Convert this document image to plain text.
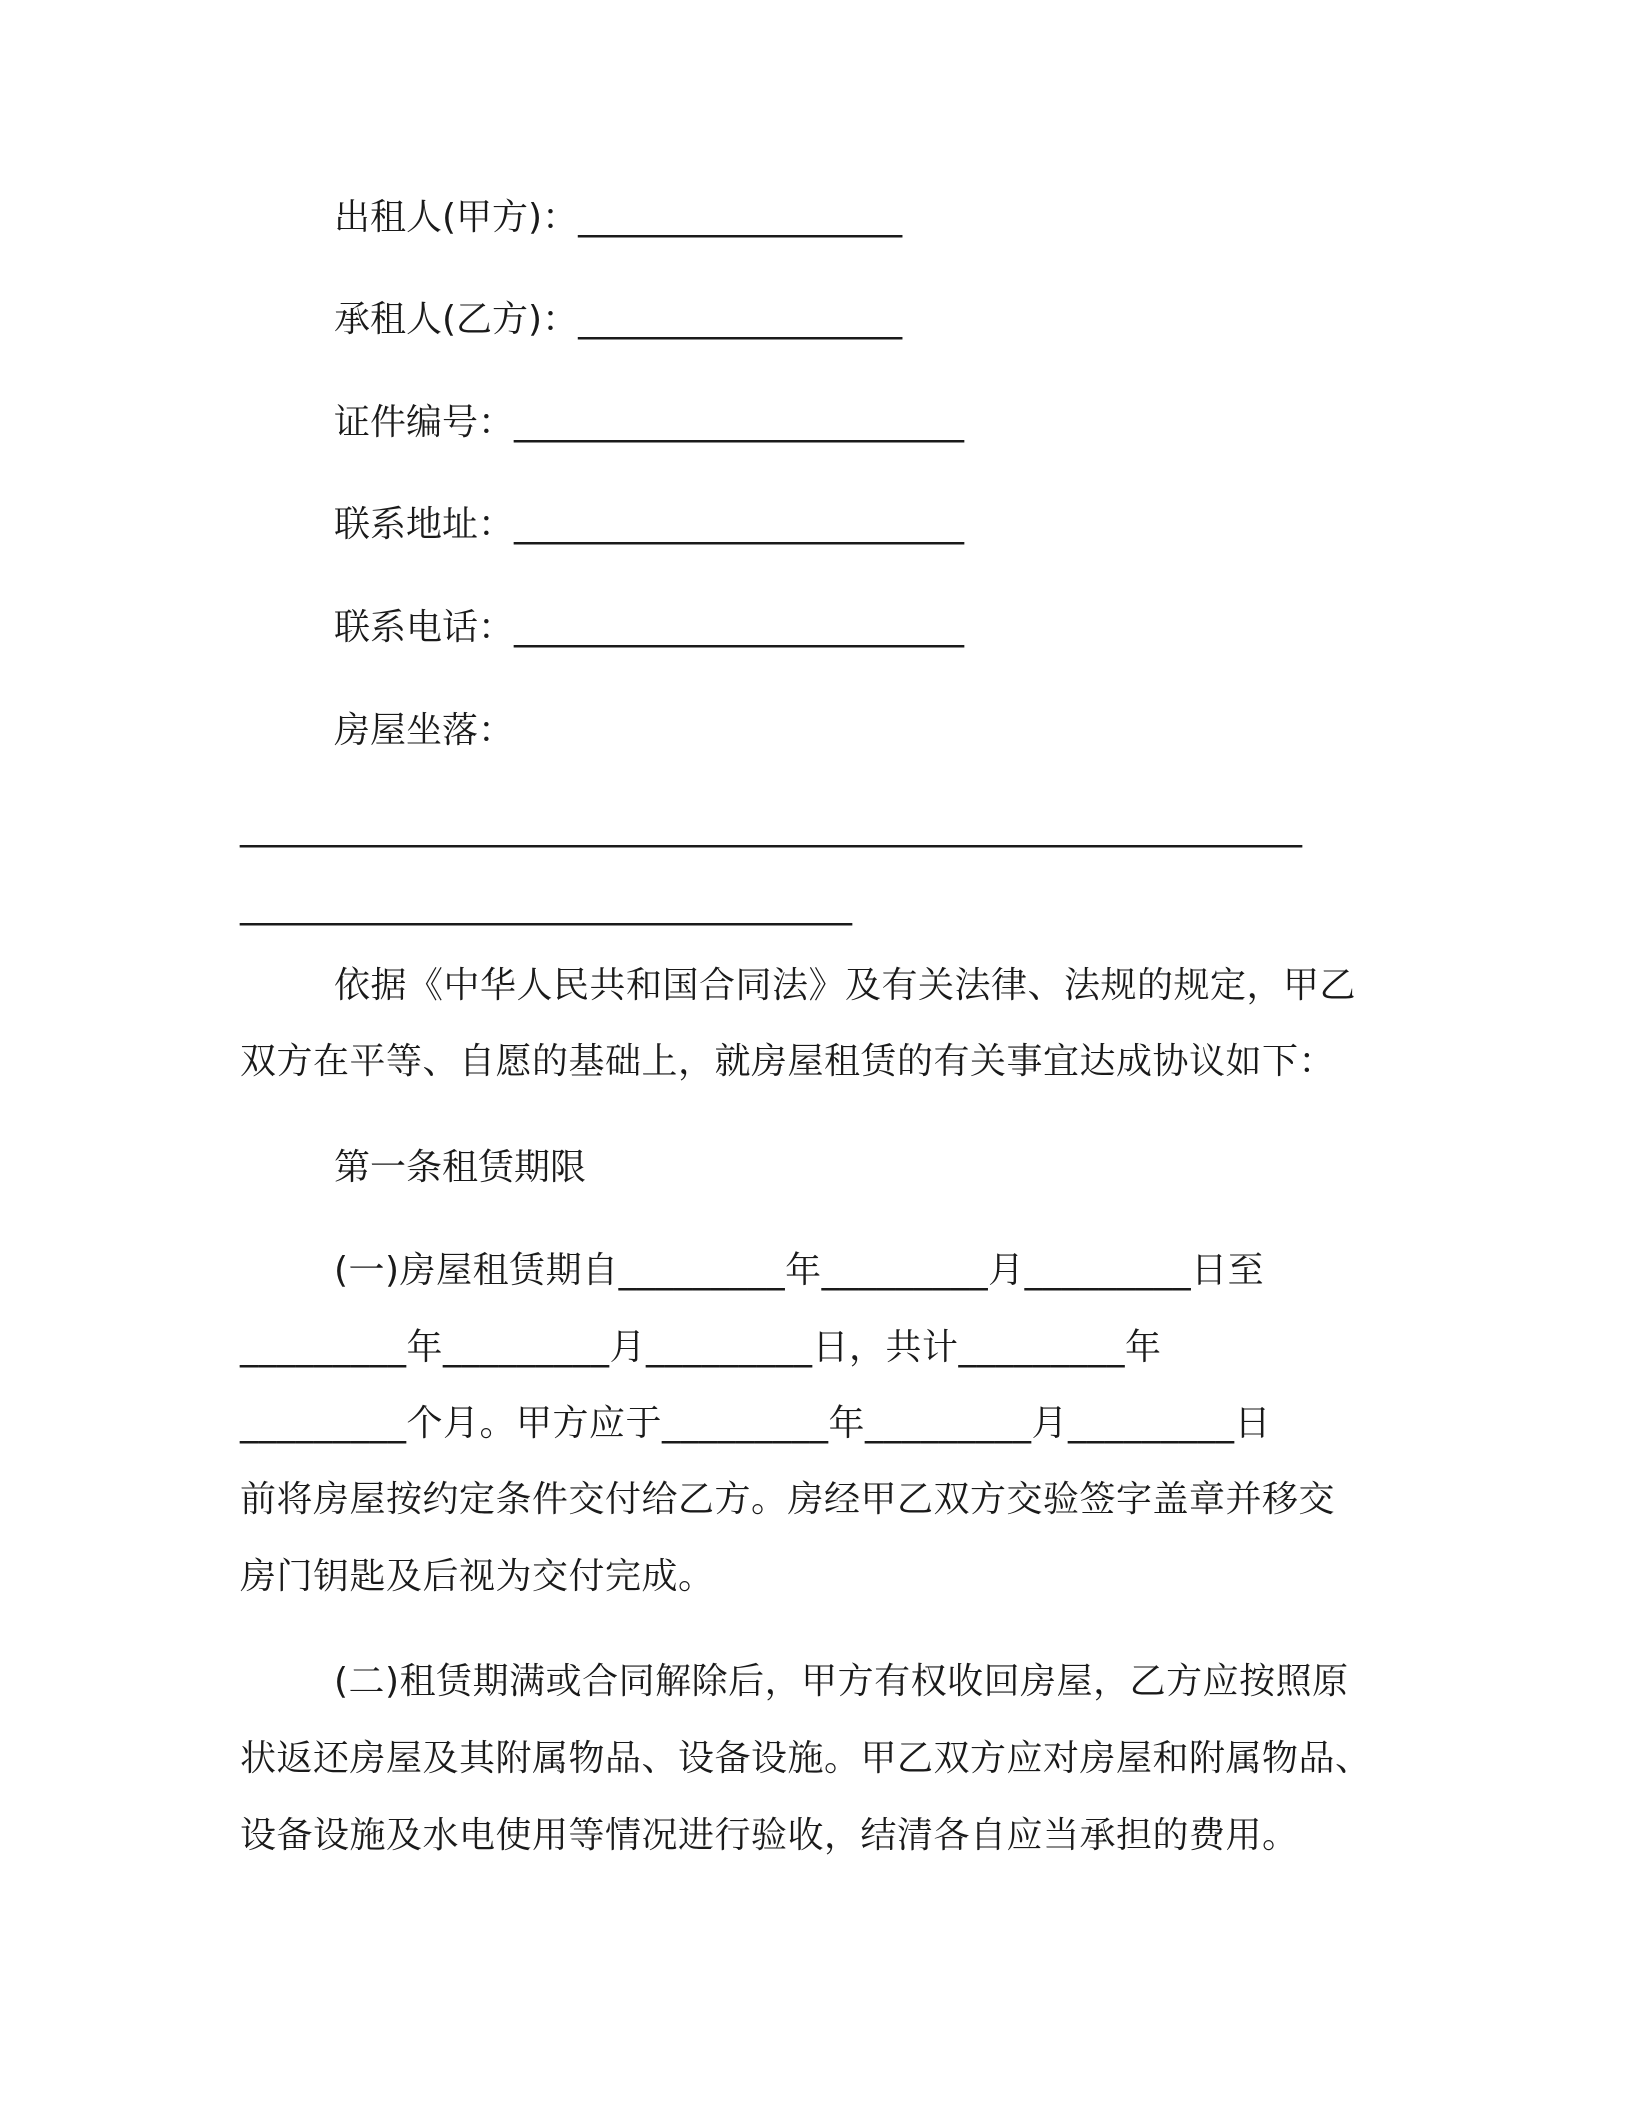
出租人(甲方)：__________________
承租人(乙方)：__________________
证件编号：_________________________
联系地址：_________________________
联系电话：_________________________
房屋坐落：
___________________________________________________________
__________________________________
依据《中华人民共和国合同法》及有关法律、法规的规定，甲乙
双方在平等、自愿的基础上，就房屋租赁的有关事宜达成协议如下：
第一条租赁期限
(一)房屋租赁期自_________年_________月_________日至
_________年_________月_________日，共计_________年
_________个月。甲方应于_________年_________月_________日
前将房屋按约定条件交付给乙方。房经甲乙双方交验签字盖章并移交
房门钥匙及后视为交付完成。
(二)租赁期满或合同解除后，甲方有权收回房屋，乙方应按照原
状返还房屋及其附属物品、设备设施。甲乙双方应对房屋和附属物品、
设备设施及水电使用等情况进行验收，结清各自应当承担的费用。
